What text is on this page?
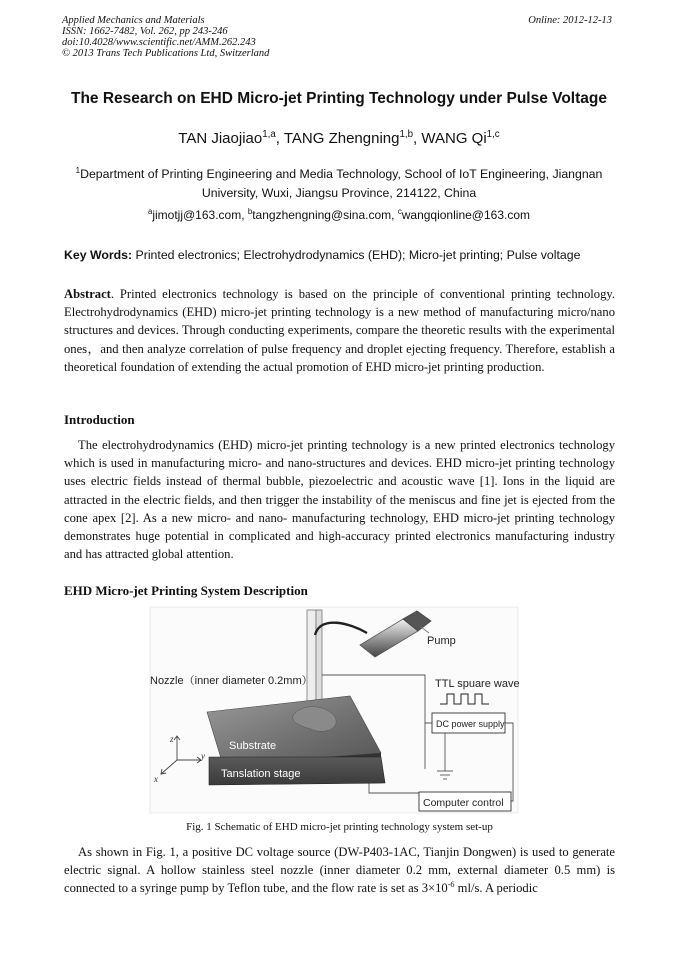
Applied Mechanics and Materials
ISSN: 1662-7482, Vol. 262, pp 243-246
doi:10.4028/www.scientific.net/AMM.262.243
© 2013 Trans Tech Publications Ltd, Switzerland
Online: 2012-12-13
The Research on EHD Micro-jet Printing Technology under Pulse Voltage
TAN Jiaojiao$^{1,a}$, TANG Zhengning$^{1,b}$, WANG Qi$^{1,c}$
$^1$Department of Printing Engineering and Media Technology, School of IoT Engineering, Jiangnan University, Wuxi, Jiangsu Province, 214122, China
$^a$jimotjj@163.com, $^b$tangzhengning@sina.com, $^c$wangqionline@163.com
Key Words: Printed electronics; Electrohydrodynamics (EHD); Micro-jet printing; Pulse voltage
Abstract. Printed electronics technology is based on the principle of conventional printing technology. Electrohydrodynamics (EHD) micro-jet printing technology is a new method of manufacturing micro/nano structures and devices. Through conducting experiments, compare the theoretic results with the experimental ones，and then analyze correlation of pulse frequency and droplet ejecting frequency. Therefore, establish a theoretical foundation of extending the actual promotion of EHD micro-jet printing production.
Introduction
The electrohydrodynamics (EHD) micro-jet printing technology is a new printed electronics technology which is used in manufacturing micro- and nano-structures and devices. EHD micro-jet printing technology uses electric fields instead of thermal bubble, piezoelectric and acoustic wave [1]. Ions in the liquid are attracted in the electric fields, and then trigger the instability of the meniscus and fine jet is ejected from the cone apex [2]. As a new micro- and nano- manufacturing technology, EHD micro-jet printing technology demonstrates huge potential in complicated and high-accuracy printed electronics manufacturing industry and has attracted global attention.
EHD Micro-jet Printing System Description
Pump
Nozzle（inner diameter 0.2mm）	TTL spuare wave
DC power supply
Substrate
Tanslation stage
z
y
x
Computer control
Fig. 1 Schematic of EHD micro-jet printing technology system set-up
As shown in Fig. 1, a positive DC voltage source (DW-P403-1AC, Tianjin Dongwen) is used to generate electric signal. A hollow stainless steel nozzle (inner diameter 0.2 mm, external diameter 0.5 mm) is connected to a syringe pump by Teflon tube, and the flow rate is set as $3\times 10^{-6}$ ml/s. A periodic
